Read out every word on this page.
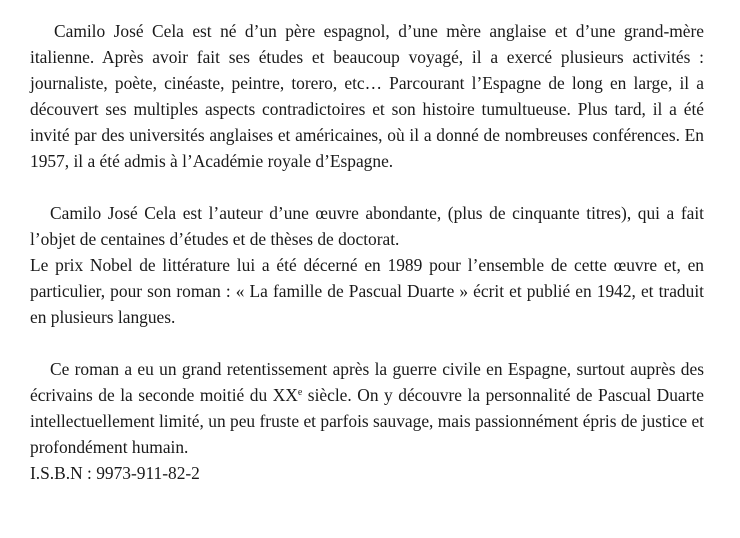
Camilo José Cela est né d’un père espagnol, d’une mère anglaise et d’une grand-mère italienne. Après avoir fait ses études et beaucoup voyagé, il a exercé plusieurs activités : journaliste, poète, cinéaste, peintre, torero, etc… Parcourant l’Espagne de long en large, il a découvert ses multiples aspects contradictoires et son histoire tumultueuse. Plus tard, il a été invité par des universités anglaises et américaines, où il a donné de nombreuses conférences. En 1957, il a été admis à l’Académie royale d’Espagne.

Camilo José Cela est l’auteur d’une œuvre abondante, (plus de cinquante titres), qui a fait l’objet de centaines d’études et de thèses de doctorat.

Le prix Nobel de littérature lui a été décerné en 1989 pour l’ensemble de cette œuvre et, en particulier, pour son roman : « La famille de Pascual Duarte » écrit et publié en 1942, et traduit en plusieurs langues.

Ce roman a eu un grand retentissement après la guerre civile en Espagne, surtout auprès des écrivains de la seconde moitié du XXe siècle. On y découvre la personnalité de Pascual Duarte intellectuellement limité, un peu fruste et parfois sauvage, mais passionnément épris de justice et profondément humain.

I.S.B.N : 9973-911-82-2
